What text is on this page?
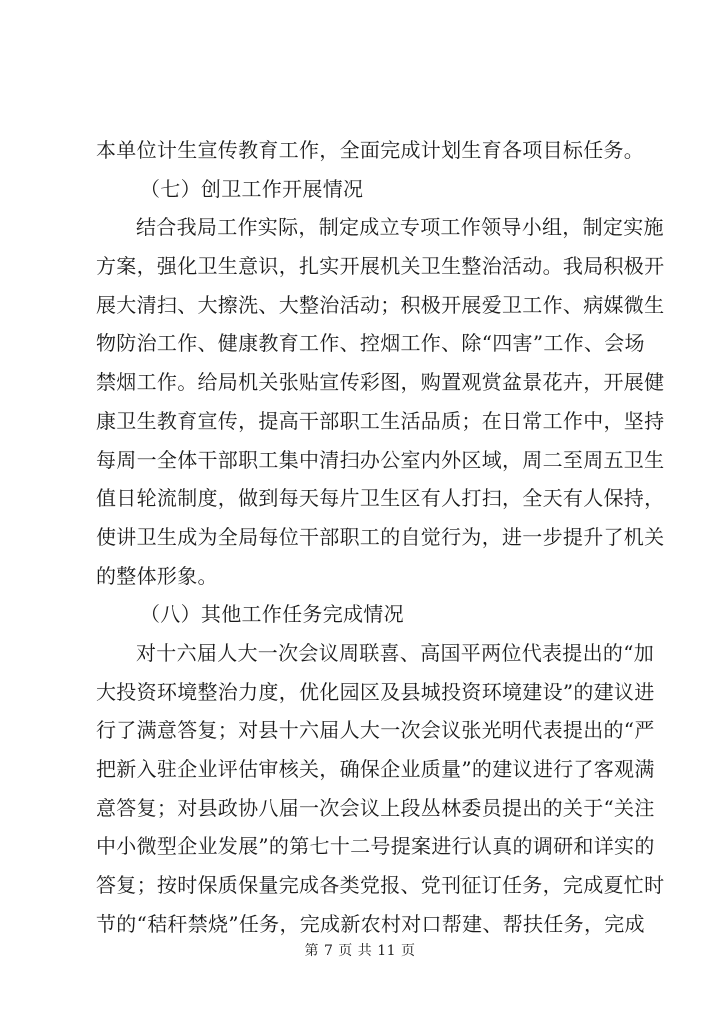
本单位计生宣传教育工作，全面完成计划生育各项目标任务。
（七）创卫工作开展情况
结合我局工作实际，制定成立专项工作领导小组，制定实施
方案，强化卫生意识，扎实开展机关卫生整治活动。我局积极开
展大清扫、大擦洗、大整治活动；积极开展爱卫工作、病媒微生
物防治工作、健康教育工作、控烟工作、除“四害”工作、会场
禁烟工作。给局机关张贴宣传彩图，购置观赏盆景花卉，开展健
康卫生教育宣传，提高干部职工生活品质；在日常工作中，坚持
每周一全体干部职工集中清扫办公室内外区域，周二至周五卫生
值日轮流制度，做到每天每片卫生区有人打扫，全天有人保持，
使讲卫生成为全局每位干部职工的自觉行为，进一步提升了机关
的整体形象。
（八）其他工作任务完成情况
对十六届人大一次会议周联喜、高国平两位代表提出的“加
大投资环境整治力度，优化园区及县城投资环境建设”的建议进
行了满意答复；对县十六届人大一次会议张光明代表提出的“严
把新入驻企业评估审核关，确保企业质量”的建议进行了客观满
意答复；对县政协八届一次会议上段丛林委员提出的关于“关注
中小微型企业发展”的第七十二号提案进行认真的调研和详实的
答复；按时保质保量完成各类党报、党刊征订任务，完成夏忙时
节的“秸秆禁烧”任务，完成新农村对口帮建、帮扶任务，完成
第 7 页 共 11 页
